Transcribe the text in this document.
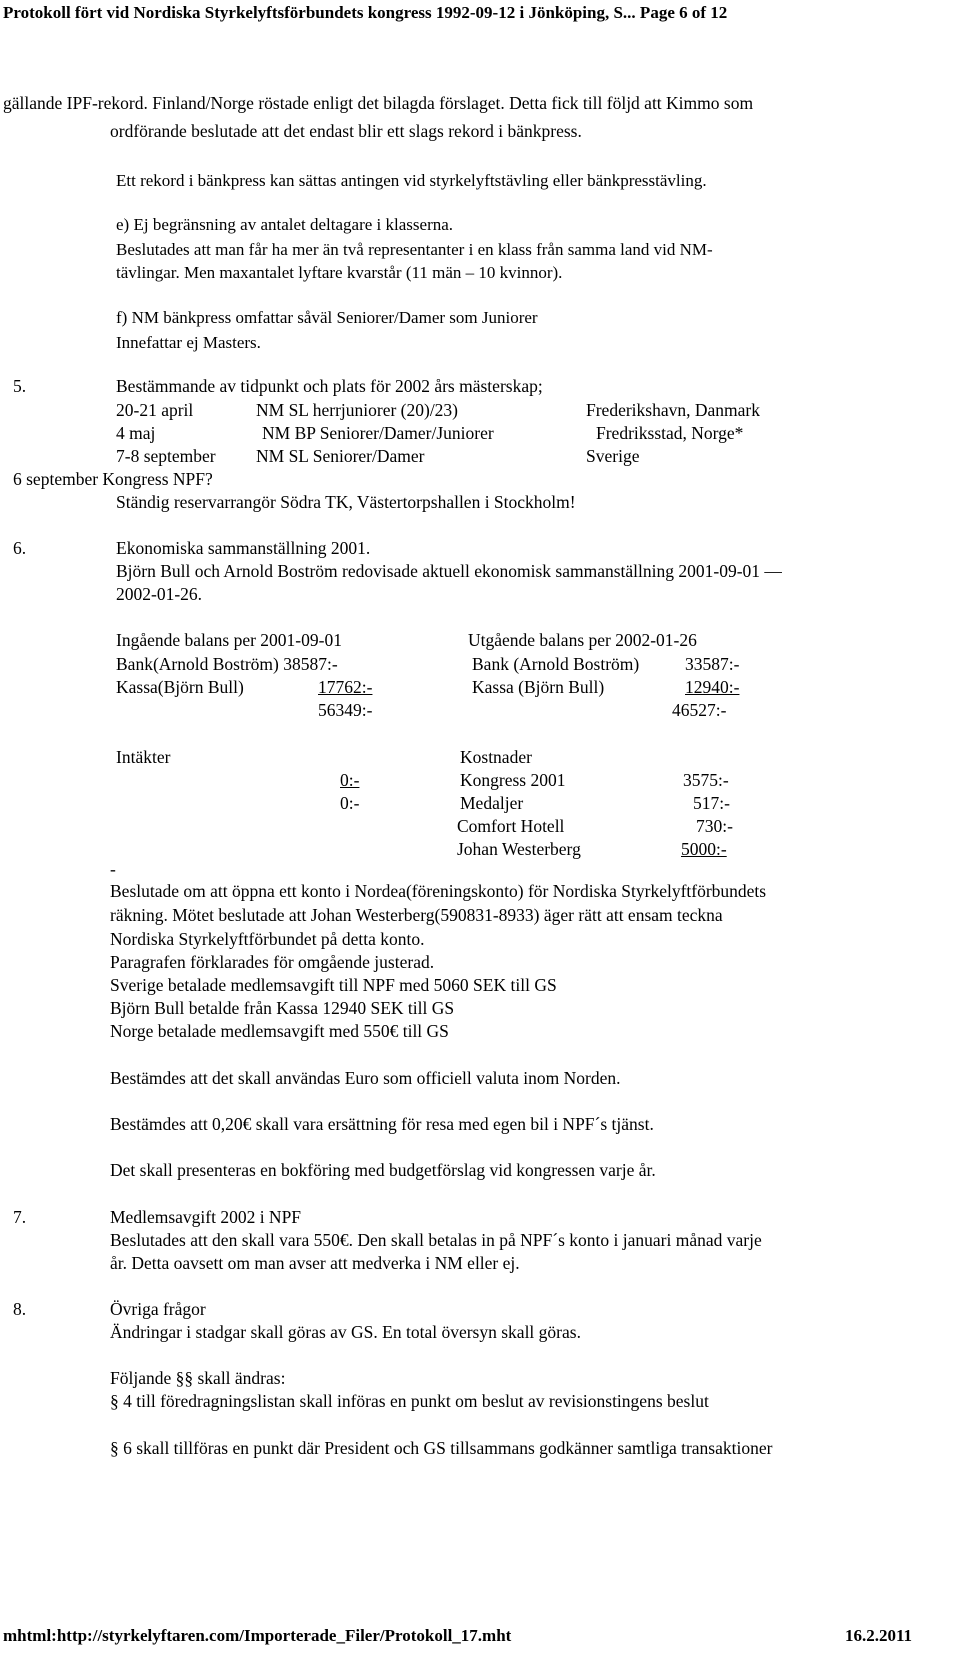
Protokoll fört vid Nordiska Styrkelyftsförbundets kongress 1992-09-12 i Jönköping, S... Page 6 of 12
gällande IPF-rekord. Finland/Norge röstade enligt det bilagda förslaget. Detta fick till följd att Kimmo som
ordförande beslutade att det endast blir ett slags rekord i bänkpress.
Ett rekord i bänkpress kan sättas antingen vid styrkelyftstävling eller bänkpresstävling.
e) Ej begränsning av antalet deltagare i klasserna.
Beslutades att man får ha mer än två representanter i en klass från samma land vid NM-
tävlingar. Men maxantalet lyftare kvarstår (11 män – 10 kvinnor).
f) NM bänkpress omfattar såväl Seniorer/Damer som Juniorer
Innefattar ej Masters.
5.	Bestämmande av tidpunkt och plats för 2002 års mästerskap;
20-21 april	NM SL herrjuniorer (20)/23)	Frederikshavn, Danmark
4 maj	NM BP Seniorer/Damer/Juniorer	Fredriksstad, Norge*
7-8 september NM SL Seniorer/Damer	Sverige
6 september Kongress NPF?
Ständig reservarrangör Södra TK, Västertorpshallen i Stockholm!
6.	Ekonomiska sammanställning 2001.
Björn Bull och Arnold Boström redovisade aktuell ekonomisk sammanställning 2001-09-01 —
2002-01-26.
Ingående balans per 2001-09-01	Utgående balans per 2002-01-26
Bank(Arnold Boström) 38587:-	Bank (Arnold Boström)	33587:-
Kassa(Björn Bull)	17762:-	Kassa (Björn Bull)	12940:-
56349:-	46527:-
Intäkter	Kostnader
0:-	Kongress 2001	3575:-
0:-	Medaljer	517:-
Comfort Hotell	730:-
Johan Westerberg	5000:-
-
Beslutade om att öppna ett konto i Nordea(föreningskonto) för Nordiska Styrkelyftförbundets
räkning. Mötet beslutade att Johan Westerberg(590831-8933) äger rätt att ensam teckna
Nordiska Styrkelyftförbundet på detta konto.
Paragrafen förklarades för omgående justerad.
Sverige betalade medlemsavgift till NPF med 5060 SEK till GS
Björn Bull betalde från Kassa 12940 SEK till GS
Norge betalade medlemsavgift med 550€ till GS
Bestämdes att det skall användas Euro som officiell valuta inom Norden.
Bestämdes att 0,20€ skall vara ersättning för resa med egen bil i NPF´s tjänst.
Det skall presenteras en bokföring med budgetförslag vid kongressen varje år.
7.	Medlemsavgift 2002 i NPF
Beslutades att den skall vara 550€. Den skall betalas in på NPF´s konto i januari månad varje
år. Detta oavsett om man avser att medverka i NM eller ej.
8.	Övriga frågor
Ändringar i stadgar skall göras av GS. En total översyn skall göras.
Följande §§ skall ändras:
§ 4 till föredragningslistan skall införas en punkt om beslut av revisionstingens beslut
§ 6 skall tillföras en punkt där President och GS tillsammans godkänner samtliga transaktioner
mhtml:http://styrkelyftaren.com/Importerade_Filer/Protokoll_17.mht	16.2.2011
